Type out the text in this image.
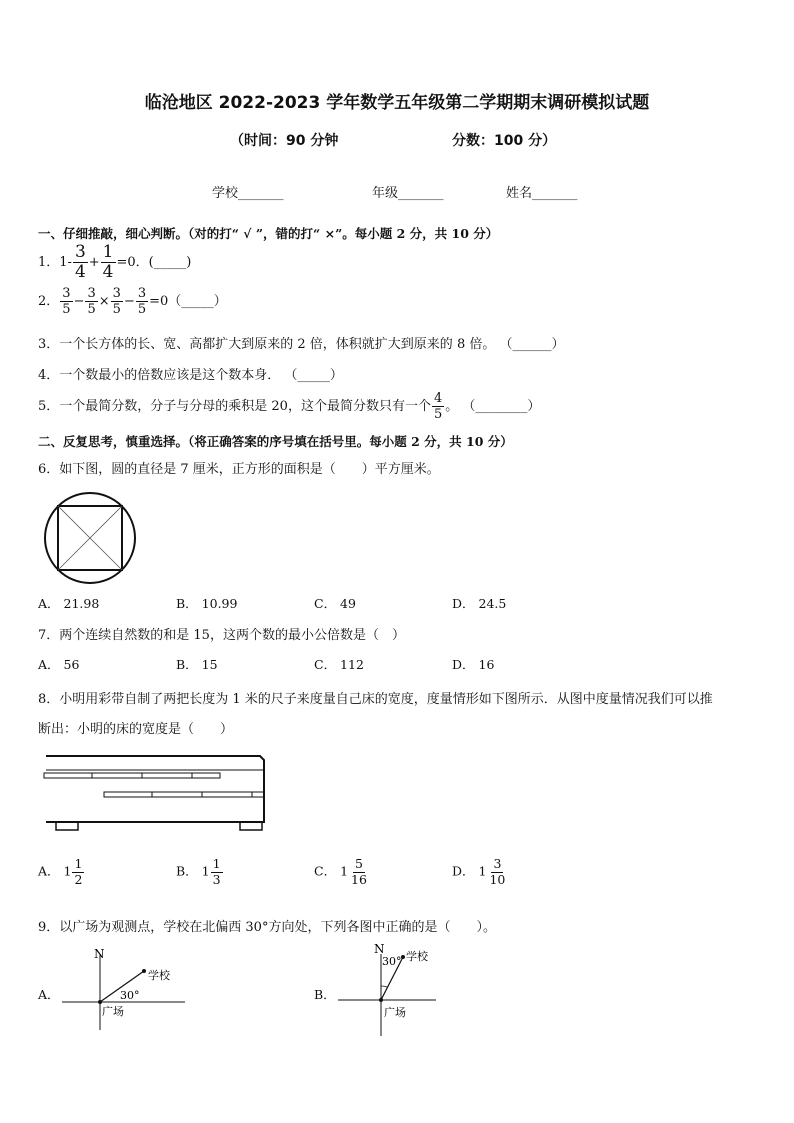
临沧地区 2022-2023 学年数学五年级第二学期期末调研模拟试题
（时间：90 分钟	分数：100 分）
学校_______	年级_______	姓名_______
一、仔细推敲，细心判断。（对的打“ √ ”，错的打“ ×”。每小题 2 分，共 10 分）
1．$1- \frac{3}{4} + \frac{1}{4} =0$．(_____)
2． $\frac{3}{5} - \frac{3}{5} \times \frac{3}{5} - \frac{3}{5}$ =0（_____）
3．一个长方体的长、宽、高都扩大到原来的 2 倍，体积就扩大到原来的 8 倍。 （______）
4．一个数最小的倍数应该是这个数本身． （_____）
5．一个最简分数，分子与分母的乘积是 20，这个最简分数只有一个 $\frac{4}{5}$ 。 （________）
二、反复思考，慎重选择。（将正确答案的序号填在括号里。每小题 2 分，共 10 分）
6．如下图，圆的直径是 7 厘米，正方形的面积是（　　）平方厘米。
A． 21.98	B． 10.99	C． 49	D． 24.5
7．两个连续自然数的和是 15，这两个数的最小公倍数是（　）
A． 56	B． 15	C． 112	D． 16
8．小明用彩带自制了两把长度为 1 米的尺子来度量自己床的宽度，度量情形如下图所示．从图中度量情况我们可以推
断出：小明的床的宽度是（　　）
A． $1 \frac{1}{2}$	B． $1 \frac{1}{3}$	C． $1 \frac{5}{16}$	D． $1 \frac{3}{10}$
9．以广场为观测点，学校在北偏西 30°方向处，下列各图中正确的是（　　）。
A．
N
学校
30°
广场
B．
N
学校
30°
广场
